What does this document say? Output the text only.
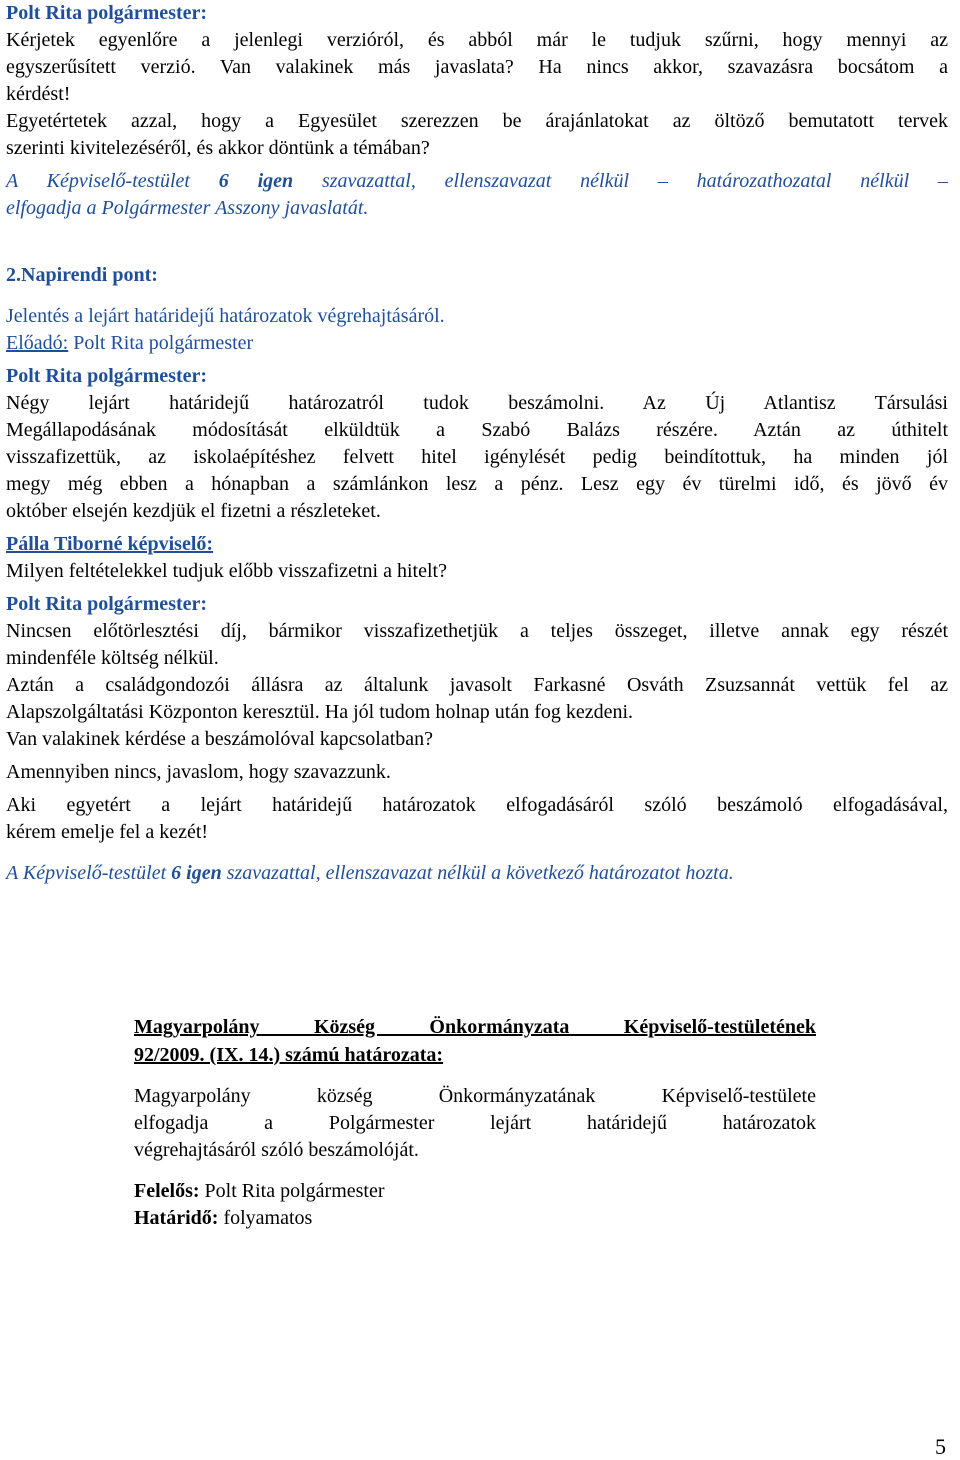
Polt Rita polgármester:

Kérjetek egyenlőre a jelenlegi verzióról, és abból már le tudjuk szűrni, hogy mennyi az

egyszerűsített verzió. Van valakinek más javaslata? Ha nincs akkor, szavazásra bocsátom a

kérdést!

Egyetértetek azzal, hogy a Egyesület szerezzen be árajánlatokat az öltöző bemutatott tervek

szerinti kivitelezéséről, és akkor döntünk a témában?

A Képviselő-testület 6 igen szavazattal, ellenszavazat nélkül – határozathozatal nélkül –

elfogadja a Polgármester Asszony javaslatát.

2.Napirendi pont:

Jelentés a lejárt határidejű határozatok végrehajtásáról.

Előadó: Polt Rita polgármester

Polt Rita polgármester:

Négy lejárt határidejű határozatról tudok beszámolni. Az Új Atlantisz Társulási

Megállapodásának módosítását elküldtük a Szabó Balázs részére. Aztán az úthitelt

visszafizettük, az iskolaépítéshez felvett hitel igénylését pedig beindítottuk, ha minden jól

megy még ebben a hónapban a számlánkon lesz a pénz. Lesz egy év türelmi idő, és jövő év

október elsején kezdjük el fizetni a részleteket.

Pálla Tiborné képviselő:

Milyen feltételekkel tudjuk előbb visszafizetni a hitelt?

Polt Rita polgármester:

Nincsen előtörlesztési díj, bármikor visszafizethetjük a teljes összeget, illetve annak egy részét

mindenféle költség nélkül.

Aztán a családgondozói állásra az általunk javasolt Farkasné Osváth Zsuzsannát vettük fel az

Alapszolgáltatási Központon keresztül. Ha jól tudom holnap után fog kezdeni.

Van valakinek kérdése a beszámolóval kapcsolatban?

Amennyiben nincs, javaslom, hogy szavazzunk.

Aki egyetért a lejárt határidejű határozatok elfogadásáról szóló beszámoló elfogadásával,

kérem emelje fel a kezét!

A Képviselő-testület 6 igen szavazattal, ellenszavazat nélkül a következő határozatot hozta.

Magyarpolány Község Önkormányzata Képviselő-testületének

92/2009. (IX. 14.) számú határozata:

Magyarpolány község Önkormányzatának Képviselő-testülete

elfogadja a Polgármester lejárt határidejű határozatok

végrehajtásáról szóló beszámolóját.

Felelős: Polt Rita polgármester

Határidő: folyamatos

5
